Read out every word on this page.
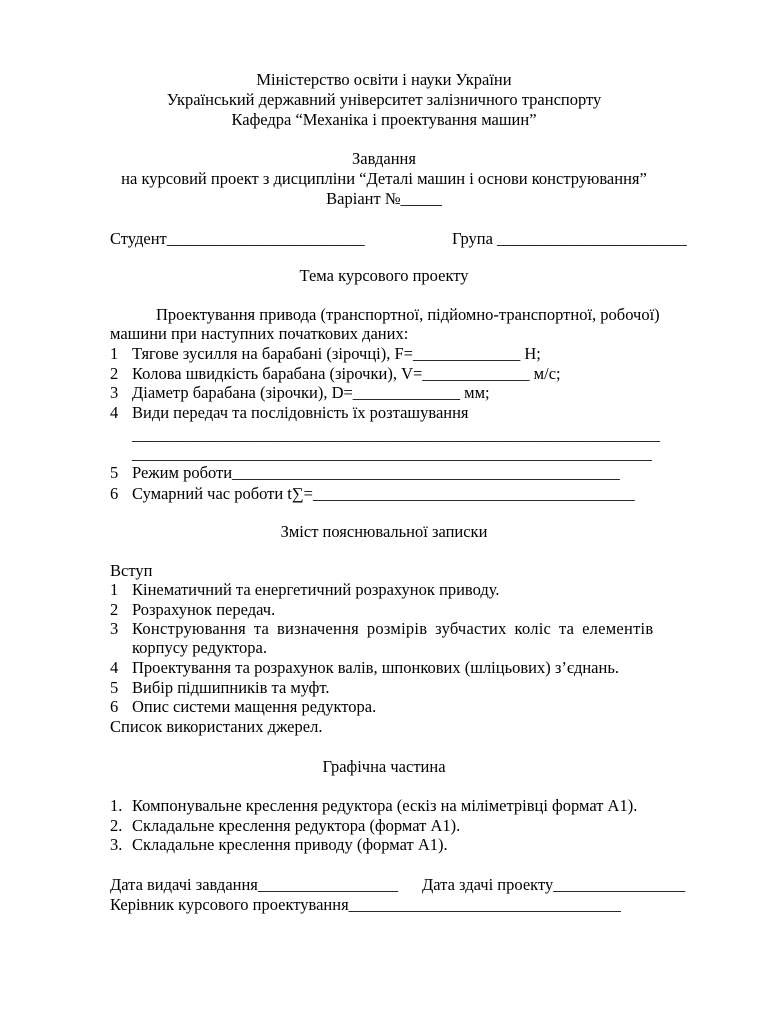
Міністерство освіти і науки України
Український державний університет залізничного транспорту
Кафедра “Механіка і проектування машин”
Завдання
на курсовий проект з дисципліни “Деталі машин і основи конструювання”
Варіант №_____
Студент________________________	Група _______________________
Тема курсового проекту
Проектування привода (транспортної, підйомно-транспортної, робочої)
машини при наступних початкових даних:
1 Тягове зусилля на барабані (зірочці), F=_____________ Н;
2 Колова швидкість барабана (зірочки), V=_____________ м/с;
3 Діаметр барабана (зірочки), D=_____________ мм;
4 Види передач та послідовність їх розташування
________________________________________________________________
_______________________________________________________________
5 Режим роботи_______________________________________________
6 Сумарний час роботи t∑=_______________________________________
Зміст пояснювальної записки
Вступ
1 Кінематичний та енергетичний розрахунок приводу.
2 Розрахунок передач.
3 Конструювання та визначення розмірів зубчастих коліс та елементів
корпусу редуктора.
4 Проектування та розрахунок валів, шпонкових (шліцьових) з’єднань.
5 Вибір підшипників та муфт.
6 Опис системи мащення редуктора.
Список використаних джерел.
Графічна частина
1. Компонувальне креслення редуктора (ескіз на міліметрівці формат А1).
2. Складальне креслення редуктора (формат А1).
3. Складальне креслення приводу (формат А1).
Дата видачі завдання_________________ Дата здачі проекту________________
Керівник курсового проектування_________________________________
